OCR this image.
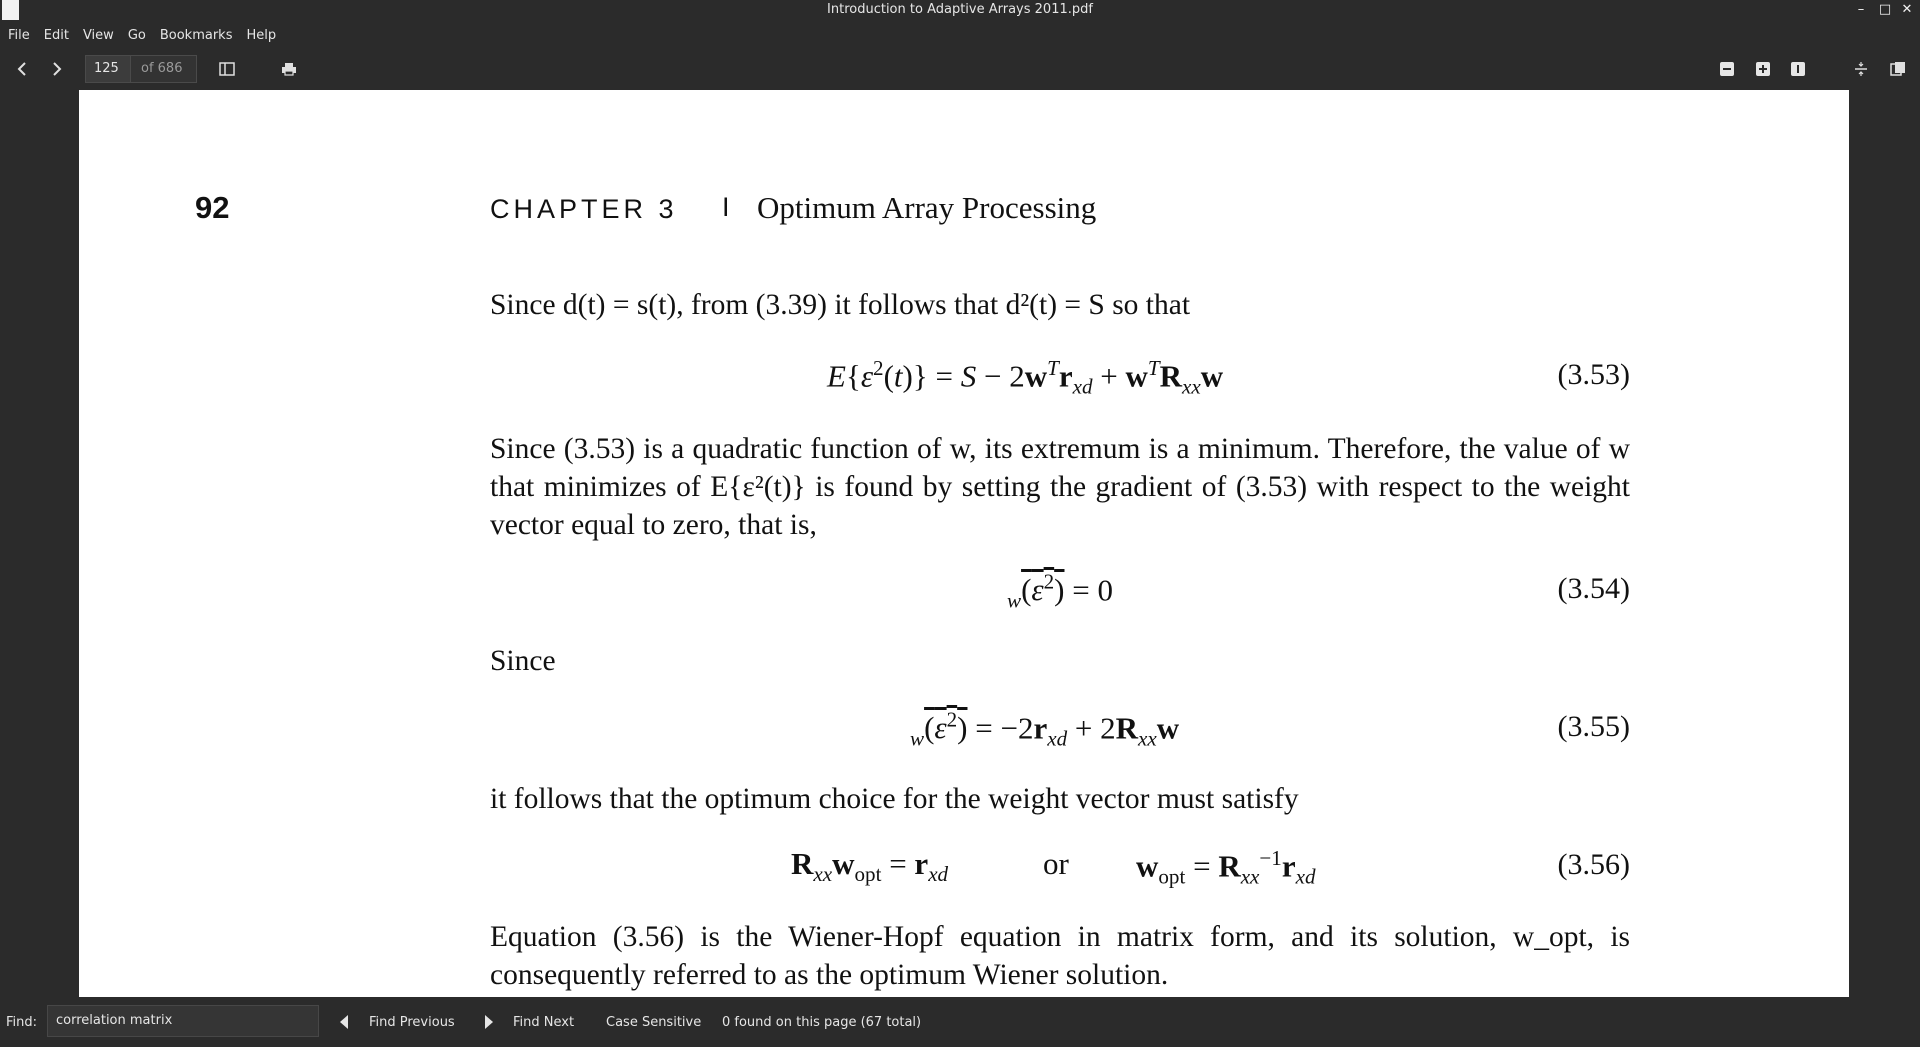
Introduction to Adaptive Arrays 2011.pdf	–	□ ✕
File Edit View Go Bookmarks Help
125	of 686
92	CHAPTER 3 I Optimum Array Processing
Since d(t) = s(t), from (3.39) it follows that d²(t) = S so that
$E\{\varepsilon^2(t)\} = S - 2w^Tr_{xd} + w^TR_{xx}w$	(3.53)
Since (3.53) is a quadratic function of w, its extremum is a minimum. Therefore, the value of w that minimizes of E{ε²(t)} is found by setting the gradient of (3.53) with respect to the weight vector equal to zero, that is,
$_w(\varepsilon^2) = 0$	(3.54)
Since
$_w(\varepsilon^2) = -2r_{xd} + 2R_{xx}w$	(3.55)
it follows that the optimum choice for the weight vector must satisfy
$R_{xx}w_{opt} = r_{xd}$	or $w_{opt} = R_{xx}^{-1}r_{xd}$	(3.56)
Equation (3.56) is the Wiener-Hopf equation in matrix form, and its solution, w_opt, is consequently referred to as the optimum Wiener solution.
Find:	correlation matrix	Find Previous	Find Next Case Sensitive 0 found on this page (67 total)
